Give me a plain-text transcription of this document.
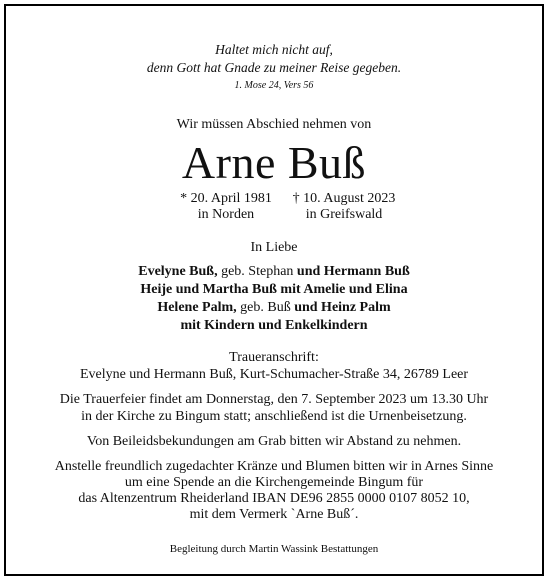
Haltet mich nicht auf,
denn Gott hat Gnade zu meiner Reise gegeben.
1. Mose 24, Vers 56
Wir müssen Abschied nehmen von
Arne Buß
* 20. April 1981
in Norden
† 10. August 2023
in Greifswald
In Liebe
Evelyne Buß, geb. Stephan und Hermann Buß
Heije und Martha Buß mit Amelie und Elina
Helene Palm, geb. Buß und Heinz Palm
mit Kindern und Enkelkindern
Traueranschrift:
Evelyne und Hermann Buß, Kurt-Schumacher-Straße 34, 26789 Leer
Die Trauerfeier findet am Donnerstag, den 7. September 2023 um 13.30 Uhr
in der Kirche zu Bingum statt; anschließend ist die Urnenbeisetzung.
Von Beileidsbekundungen am Grab bitten wir Abstand zu nehmen.
Anstelle freundlich zugedachter Kränze und Blumen bitten wir in Arnes Sinne
um eine Spende an die Kirchengemeinde Bingum für
das Altenzentrum Rheiderland IBAN DE96 2855 0000 0107 8052 10,
mit dem Vermerk `Arne Buß´.
Begleitung durch Martin Wassink Bestattungen
